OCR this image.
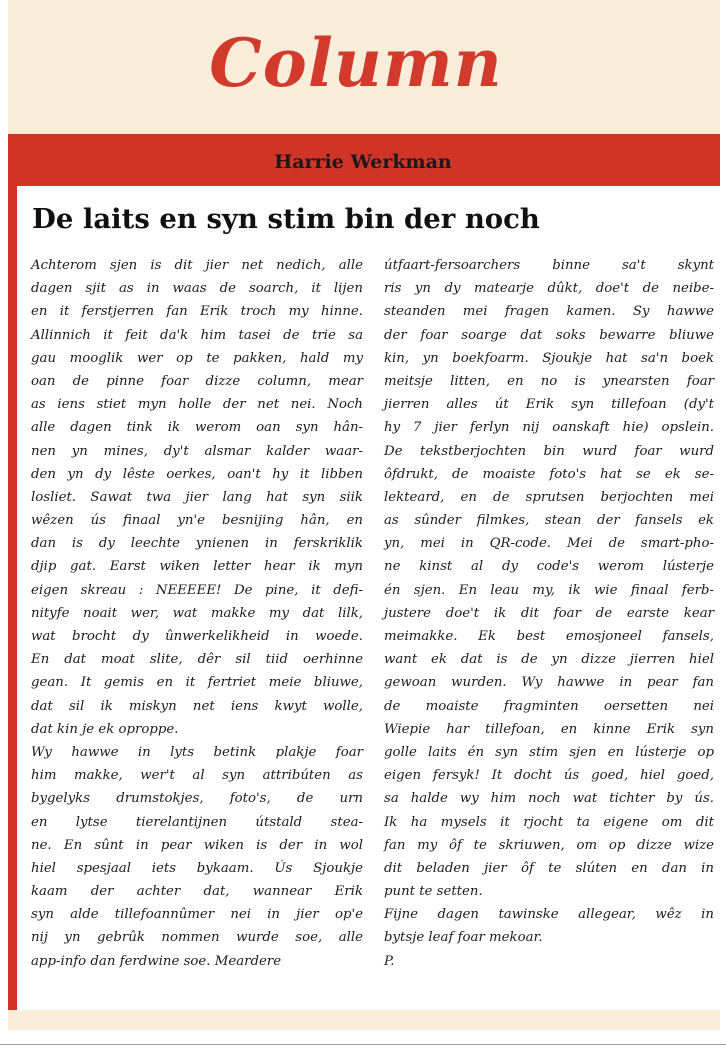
Column
Harrie Werkman
De laits en syn stim bin der noch
Achterom sjen is dit jier net nedich, alle
dagen sjit as in waas de soarch, it lijen
en it ferstjerren fan Erik troch my hinne.
Allinnich it feit da'k him tasei de trie sa
gau mooglik wer op te pakken, hald my
oan de pinne foar dizze column, mear
as iens stiet myn holle der net nei. Noch
alle dagen tink ik werom oan syn hân-
nen yn mines, dy't alsmar kalder waar-
den yn dy lêste oerkes, oan't hy it libben
losliet. Sawat twa jier lang hat syn siik
wêzen ús finaal yn'e besnijing hân, en
dan is dy leechte ynienen in ferskriklik
djip gat. Earst wiken letter hear ik myn
eigen skreau : NEEEEE! De pine, it defi-
nityfe noait wer, wat makke my dat lilk,
wat brocht dy ûnwerkelikheid in woede.
En dat moat slite, dêr sil tiid oerhinne
gean. It gemis en it fertriet meie bliuwe,
dat sil ik miskyn net iens kwyt wolle,
dat kin je ek oproppe.
Wy hawwe in lyts betink plakje foar
him makke, wer't al syn attribúten as
bygelyks drumstokjes, foto's, de urn
en lytse tierelantijnen útstald stea-
ne. En sûnt in pear wiken is der in wol
hiel spesjaal iets bykaam. Ús Sjoukje
kaam der achter dat, wannear Erik
syn alde tillefoannûmer nei in jier op'e
nij yn gebrûk nommen wurde soe, alle
app-info dan ferdwine soe. Meardere
útfaart-fersoarchers binne sa't skynt
ris yn dy matearje dûkt, doe't de neibe-
steanden mei fragen kamen. Sy hawwe
der foar soarge dat soks bewarre bliuwe
kin, yn boekfoarm. Sjoukje hat sa'n boek
meitsje litten, en no is ynearsten foar
jierren alles út Erik syn tillefoan (dy't
hy 7 jier ferlyn nij oanskaft hie) opslein.
De tekstberjochten bin wurd foar wurd
ôfdrukt, de moaiste foto's hat se ek se-
lekteard, en de sprutsen berjochten mei
as sûnder filmkes, stean der fansels ek
yn, mei in QR-code. Mei de smart-pho-
ne kinst al dy code's werom lústerje
én sjen. En leau my, ik wie finaal ferb-
justere doe't ik dit foar de earste kear
meimakke. Ek best emosjoneel fansels,
want ek dat is de yn dizze jierren hiel
gewoan wurden. Wy hawwe in pear fan
de moaiste fragminten oersetten nei
Wiepie har tillefoan, en kinne Erik syn
golle laits én syn stim sjen en lústerje op
eigen fersyk! It docht ús goed, hiel goed,
sa halde wy him noch wat tichter by ús.
Ik ha mysels it rjocht ta eigene om dit
fan my ôf te skriuwen, om op dizze wize
dit beladen jier ôf te slúten en dan in
punt te setten.
Fijne dagen tawinske allegear, wêz in
bytsje leaf foar mekoar.
P.
